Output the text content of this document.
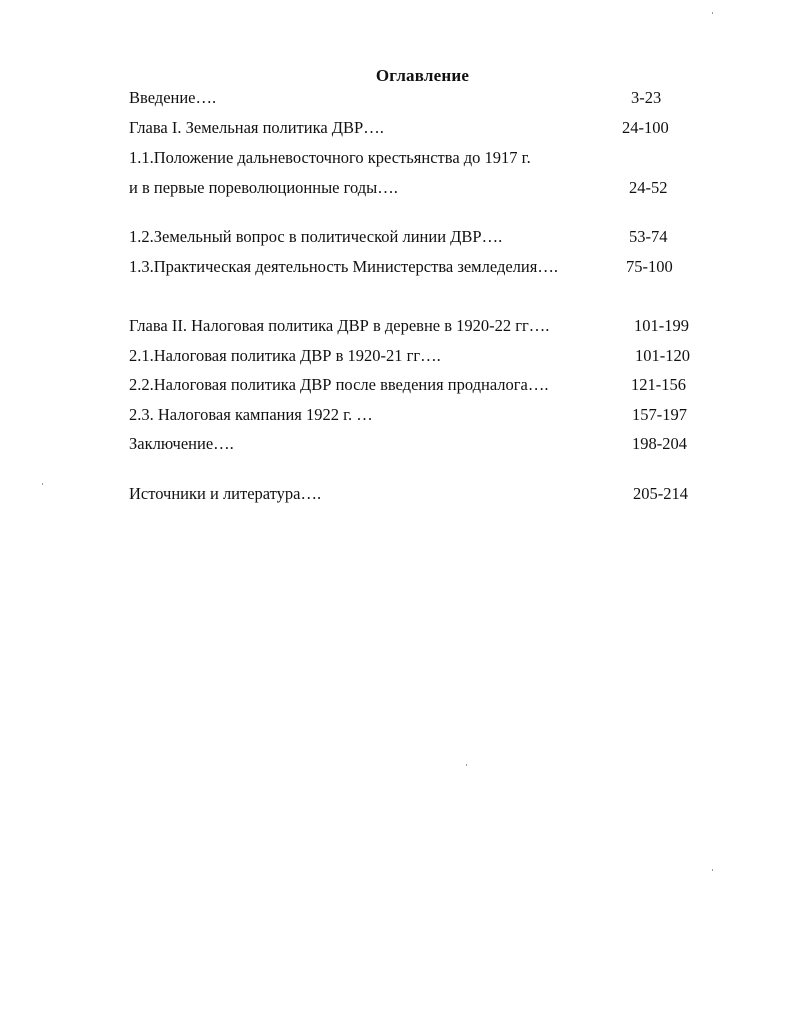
Оглавление
Введение….	3-23
Глава I. Земельная политика ДВР….	24-100
1.1.Положение дальневосточного крестьянства до 1917 г.
и в первые пореволюционные годы….	24-52
1.2.Земельный вопрос в политической линии ДВР….	53-74
1.3.Практическая деятельность Министерства земледелия….	75-100
Глава II. Налоговая политика ДВР в деревне в 1920-22 гг….	101-199
2.1.Налоговая политика ДВР в 1920-21 гг….	101-120
2.2.Налоговая политика ДВР после введения продналога….	121-156
2.3. Налоговая кампания 1922 г. …	157-197
Заключение….	198-204
Источники и литература….	205-214
